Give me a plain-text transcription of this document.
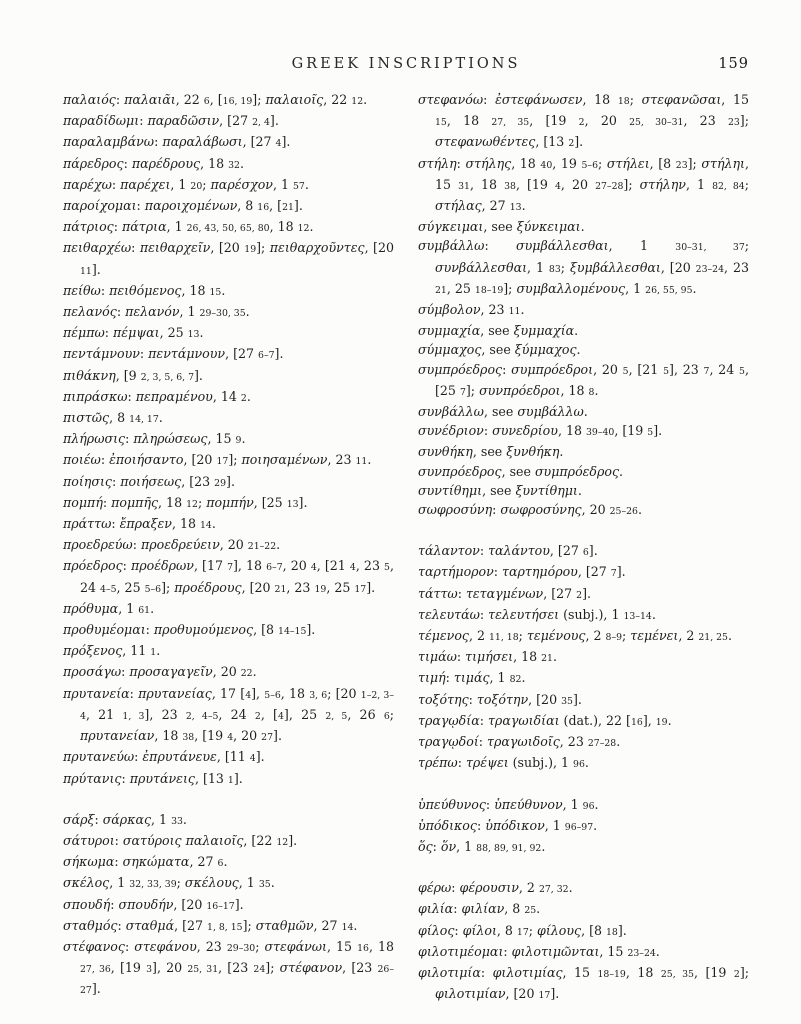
GREEK INSCRIPTIONS	159

παλαιός: παλαιᾶι, 22 6, [16, 19]; παλαιοῖς, 22 12.

παραδίδωμι: παραδῶσιν, [27 2, 4].

παραλαμβάνω: παραλάβωσι, [27 4].

πάρεδρος: παρέδρους, 18 32.

παρέχω: παρέχει, 1 20; παρέσχον, 1 57.

παροίχομαι: παροιχομένων, 8 16, [21].

πάτριος: πάτρια, 1 26, 43, 50, 65, 80, 18 12.

πειθαρχέω: πειθαρχεῖν, [20 19]; πειθαρχοῦντες, [20 11].

πείθω: πειθόμενος, 18 15.

πελανός: πελανόν, 1 29–30, 35.

πέμπω: πέμψαι, 25 13.

πεντάμνουν: πεντάμνουν, [27 6–7].

πιθάκνη, [9 2, 3, 5, 6, 7].

πιπράσκω: πεπραμένου, 14 2.

πιστῶς, 8 14, 17.

πλήρωσις: πληρώσεως, 15 9.

ποιέω: ἐποιήσαντο, [20 17]; ποιησαμένων, 23 11.

ποίησις: ποιήσεως, [23 29].

πομπή: πομπῆς, 18 12; πομπήν, [25 13].

πράττω: ἔπραξεν, 18 14.

προεδρεύω: προεδρεύειν, 20 21–22.

πρόεδρος: προέδρων, [17 7], 18 6–7, 20 4, [21 4, 23 5, 24 4–5, 25 5–6]; προέδρους, [20 21, 23 19, 25 17].

πρόθυμα, 1 61.

προθυμέομαι: προθυμούμενος, [8 14–15].

πρόξενος, 11 1.

προσάγω: προσαγαγεῖν, 20 22.

πρυτανεία: πρυτανείας, 17 [4], 5–6, 18 3, 6; [20 1–2, 3–4, 21 1, 3], 23 2, 4–5, 24 2, [4], 25 2, 5, 26 6; πρυτανείαν, 18 38, [19 4, 20 27].

πρυτανεύω: ἐπρυτάνευε, [11 4].

πρύτανις: πρυτάνεις, [13 1].

σάρξ: σάρκας, 1 33.

σάτυροι: σατύροις παλαιοῖς, [22 12].

σήκωμα: σηκώματα, 27 6.

σκέλος, 1 32, 33, 39; σκέλους, 1 35.

σπουδή: σπουδήν, [20 16–17].

σταθμός: σταθμά, [27 1, 8, 15]; σταθμῶν, 27 14.

στέφανος: στεφάνου, 23 29–30; στεφάνωι, 15 16, 18 27, 36, [19 3], 20 25, 31, [23 24]; στέφανον, [23 26–27].

στεφανόω: ἐστεφάνωσεν, 18 18; στεφανῶσαι, 15 15, 18 27, 35, [19 2, 20 25, 30–31, 23 23]; στεφανωθέντες, [13 2].

στήλη: στήλης, 18 40, 19 5–6; στήλει, [8 23]; στήληι, 15 31, 18 38, [19 4, 20 27–28]; στήλην, 1 82, 84; στήλας, 27 13.

σύγκειμαι, see ξύνκειμαι.

συμβάλλω: συμβάλλεσθαι, 1 30–31, 37; συνβάλλεσθαι, 1 83; ξυμβάλλεσθαι, [20 23–24, 23 21, 25 18–19]; συμβαλλομένους, 1 26, 55, 95.

σύμβολον, 23 11.

συμμαχία, see ξυμμαχία.

σύμμαχος, see ξύμμαχος.

συμπρόεδρος: συμπρόεδροι, 20 5, [21 5], 23 7, 24 5, [25 7]; συνπρόεδροι, 18 8.

συνβάλλω, see συμβάλλω.

συνέδριον: συνεδρίου, 18 39–40, [19 5].

συνθήκη, see ξυνθήκη.

συνπρόεδρος, see συμπρόεδρος.

συντίθημι, see ξυντίθημι.

σωφροσύνη: σωφροσύνης, 20 25–26.

τάλαντον: ταλάντου, [27 6].

ταρτήμορον: ταρτημόρου, [27 7].

τάττω: τεταγμένων, [27 2].

τελευτάω: τελευτήσει (subj.), 1 13–14.

τέμενος, 2 11, 18; τεμένους, 2 8–9; τεμένει, 2 21, 25.

τιμάω: τιμήσει, 18 21.

τιμή: τιμάς, 1 82.

τοξότης: τοξότην, [20 35].

τραγῳδία: τραγωιδίαι (dat.), 22 [16], 19.

τραγῳδοί: τραγωιδοῖς, 23 27–28.

τρέπω: τρέψει (subj.), 1 96.

ὑπεύθυνος: ὑπεύθυνον, 1 96.

ὑπόδικος: ὑπόδικον, 1 96–97.

ὅς: ὅν, 1 88, 89, 91, 92.

φέρω: φέρουσιν, 2 27, 32.

φιλία: φιλίαν, 8 25.

φίλος: φίλοι, 8 17; φίλους, [8 18].

φιλοτιμέομαι: φιλοτιμῶνται, 15 23–24.

φιλοτιμία: φιλοτιμίας, 15 18–19, 18 25, 35, [19 2]; φιλοτιμίαν, [20 17].
